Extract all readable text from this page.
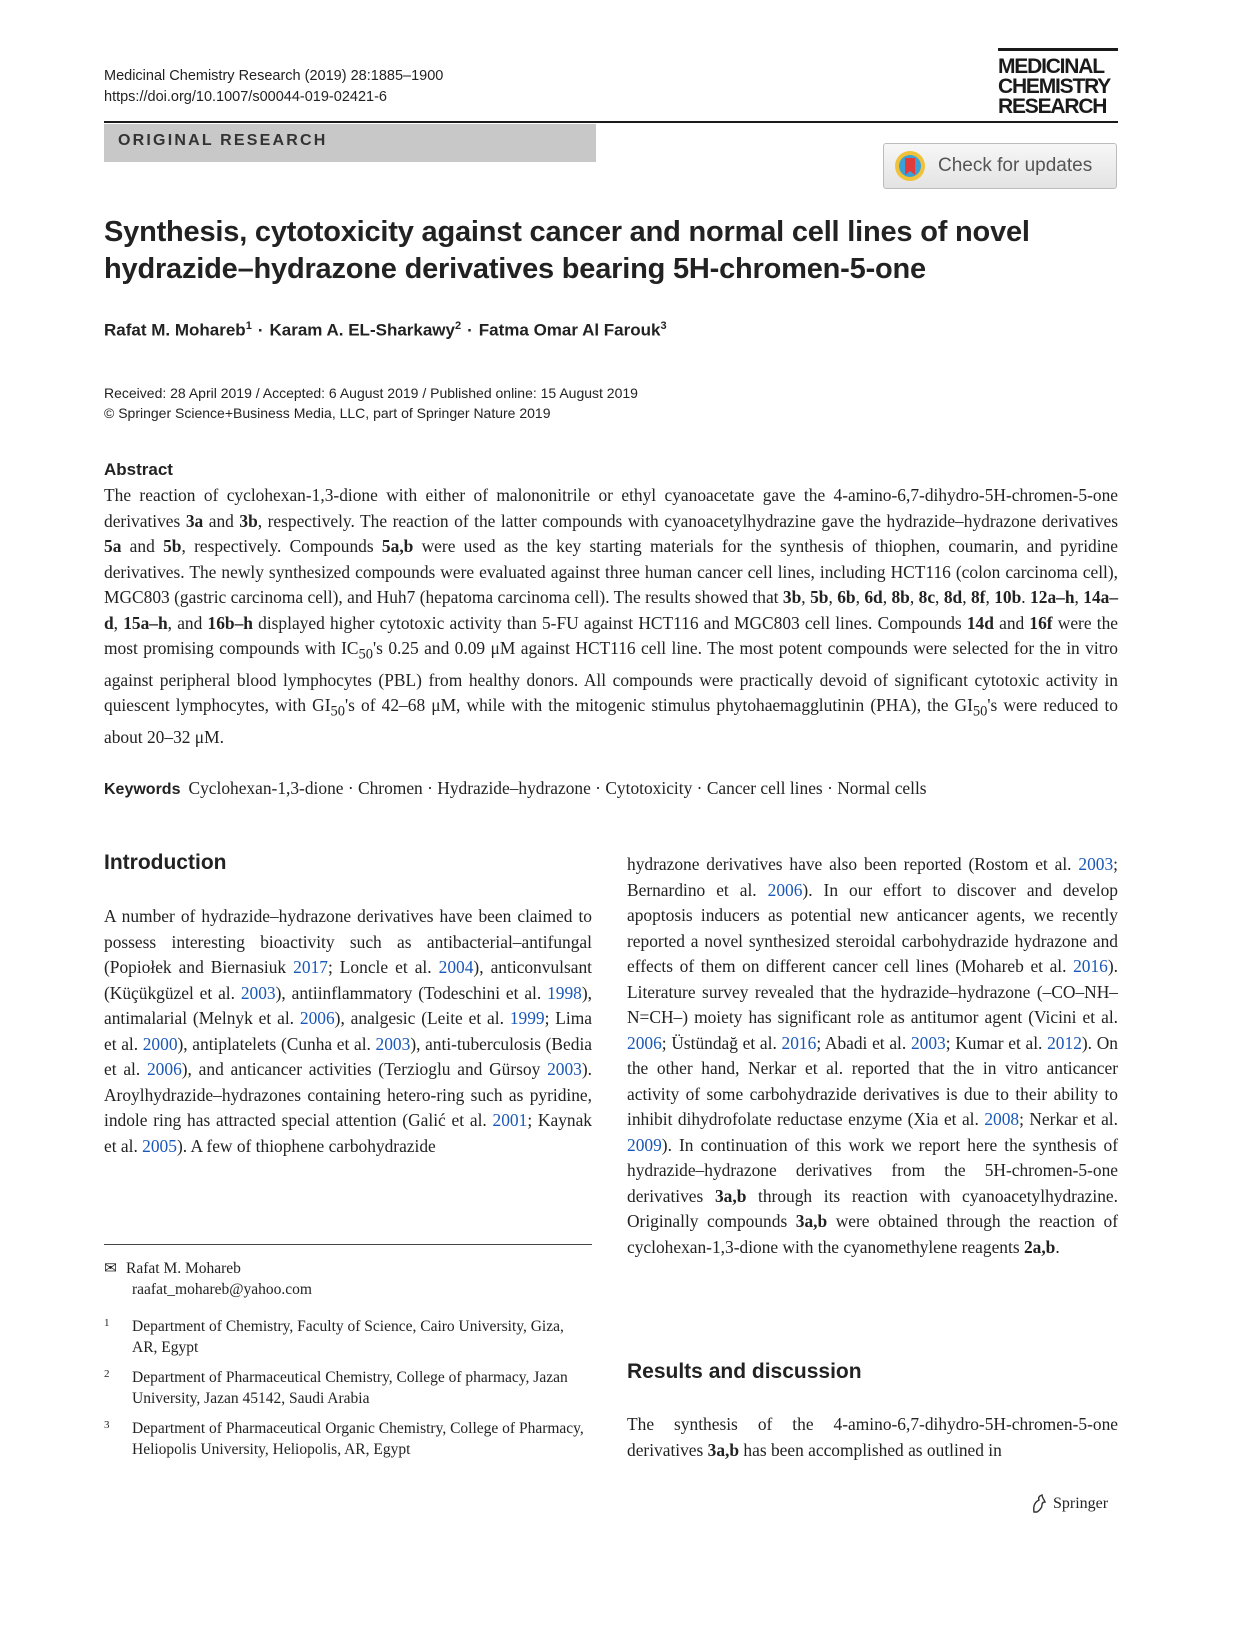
Medicinal Chemistry Research (2019) 28:1885–1900
https://doi.org/10.1007/s00044-019-02421-6
MEDICINAL
CHEMISTRY
RESEARCH
ORIGINAL RESEARCH
Check for updates
Synthesis, cytotoxicity against cancer and normal cell lines of novel hydrazide–hydrazone derivatives bearing 5H-chromen-5-one
Rafat M. Mohareb$^1$ · Karam A. EL-Sharkawy$^2$ · Fatma Omar Al Farouk$^3$
Received: 28 April 2019 / Accepted: 6 August 2019 / Published online: 15 August 2019
© Springer Science+Business Media, LLC, part of Springer Nature 2019
Abstract
The reaction of cyclohexan-1,3-dione with either of malononitrile or ethyl cyanoacetate gave the 4-amino-6,7-dihydro-5H-chromen-5-one derivatives 3a and 3b, respectively. The reaction of the latter compounds with cyanoacetylhydrazine gave the hydrazide–hydrazone derivatives 5a and 5b, respectively. Compounds 5a,b were used as the key starting materials for the synthesis of thiophen, coumarin, and pyridine derivatives. The newly synthesized compounds were evaluated against three human cancer cell lines, including HCT116 (colon carcinoma cell), MGC803 (gastric carcinoma cell), and Huh7 (hepatoma carcinoma cell). The results showed that 3b, 5b, 6b, 6d, 8b, 8c, 8d, 8f, 10b. 12a–h, 14a–d, 15a–h, and 16b–h displayed higher cytotoxic activity than 5-FU against HCT116 and MGC803 cell lines. Compounds 14d and 16f were the most promising compounds with $IC_{50}'s$ 0.25 and 0.09 μM against HCT116 cell line. The most potent compounds were selected for the in vitro against peripheral blood lymphocytes (PBL) from healthy donors. All compounds were practically devoid of significant cytotoxic activity in quiescent lymphocytes, with $GI_{50}'s$ of 42–68 μM, while with the mitogenic stimulus phytohaemagglutinin (PHA), the $GI_{50}'s$ were reduced to about 20–32 μM.
Keywords Cyclohexan-1,3-dione · Chromen · Hydrazide–hydrazone · Cytotoxicity · Cancer cell lines · Normal cells
Introduction
A number of hydrazide–hydrazone derivatives have been claimed to possess interesting bioactivity such as antibacterial–antifungal (Popiołek and Biernasiuk 2017; Loncle et al. 2004), anticonvulsant (Küçükgüzel et al. 2003), antiinflammatory (Todeschini et al. 1998), antimalarial (Melnyk et al. 2006), analgesic (Leite et al. 1999; Lima et al. 2000), antiplatelets (Cunha et al. 2003), anti-tuberculosis (Bedia et al. 2006), and anticancer activities (Terzioglu and Gürsoy 2003). Aroylhydrazide–hydrazones containing hetero-ring such as pyridine, indole ring has attracted special attention (Galić et al. 2001; Kaynak et al. 2005). A few of thiophene carbohydrazide
hydrazone derivatives have also been reported (Rostom et al. 2003; Bernardino et al. 2006). In our effort to discover and develop apoptosis inducers as potential new anticancer agents, we recently reported a novel synthesized steroidal carbohydrazide hydrazone and effects of them on different cancer cell lines (Mohareb et al. 2016). Literature survey revealed that the hydrazide–hydrazone (–CO–NH–N=CH–) moiety has significant role as antitumor agent (Vicini et al. 2006; Üstündağ et al. 2016; Abadi et al. 2003; Kumar et al. 2012). On the other hand, Nerkar et al. reported that the in vitro anticancer activity of some carbohydrazide derivatives is due to their ability to inhibit dihydrofolate reductase enzyme (Xia et al. 2008; Nerkar et al. 2009). In continuation of this work we report here the synthesis of hydrazide–hydrazone derivatives from the 5H-chromen-5-one derivatives 3a,b through its reaction with cyanoacetylhydrazine. Originally compounds 3a,b were obtained through the reaction of cyclohexan-1,3-dione with the cyanomethylene reagents 2a,b.
Results and discussion
The synthesis of the 4-amino-6,7-dihydro-5H-chromen-5-one derivatives 3a,b has been accomplished as outlined in
✉ Rafat M. Mohareb
raafat_mohareb@yahoo.com
1	Department of Chemistry, Faculty of Science, Cairo University, Giza, AR, Egypt
2	Department of Pharmaceutical Chemistry, College of pharmacy, Jazan University, Jazan 45142, Saudi Arabia
3	Department of Pharmaceutical Organic Chemistry, College of Pharmacy, Heliopolis University, Heliopolis, AR, Egypt
Springer
